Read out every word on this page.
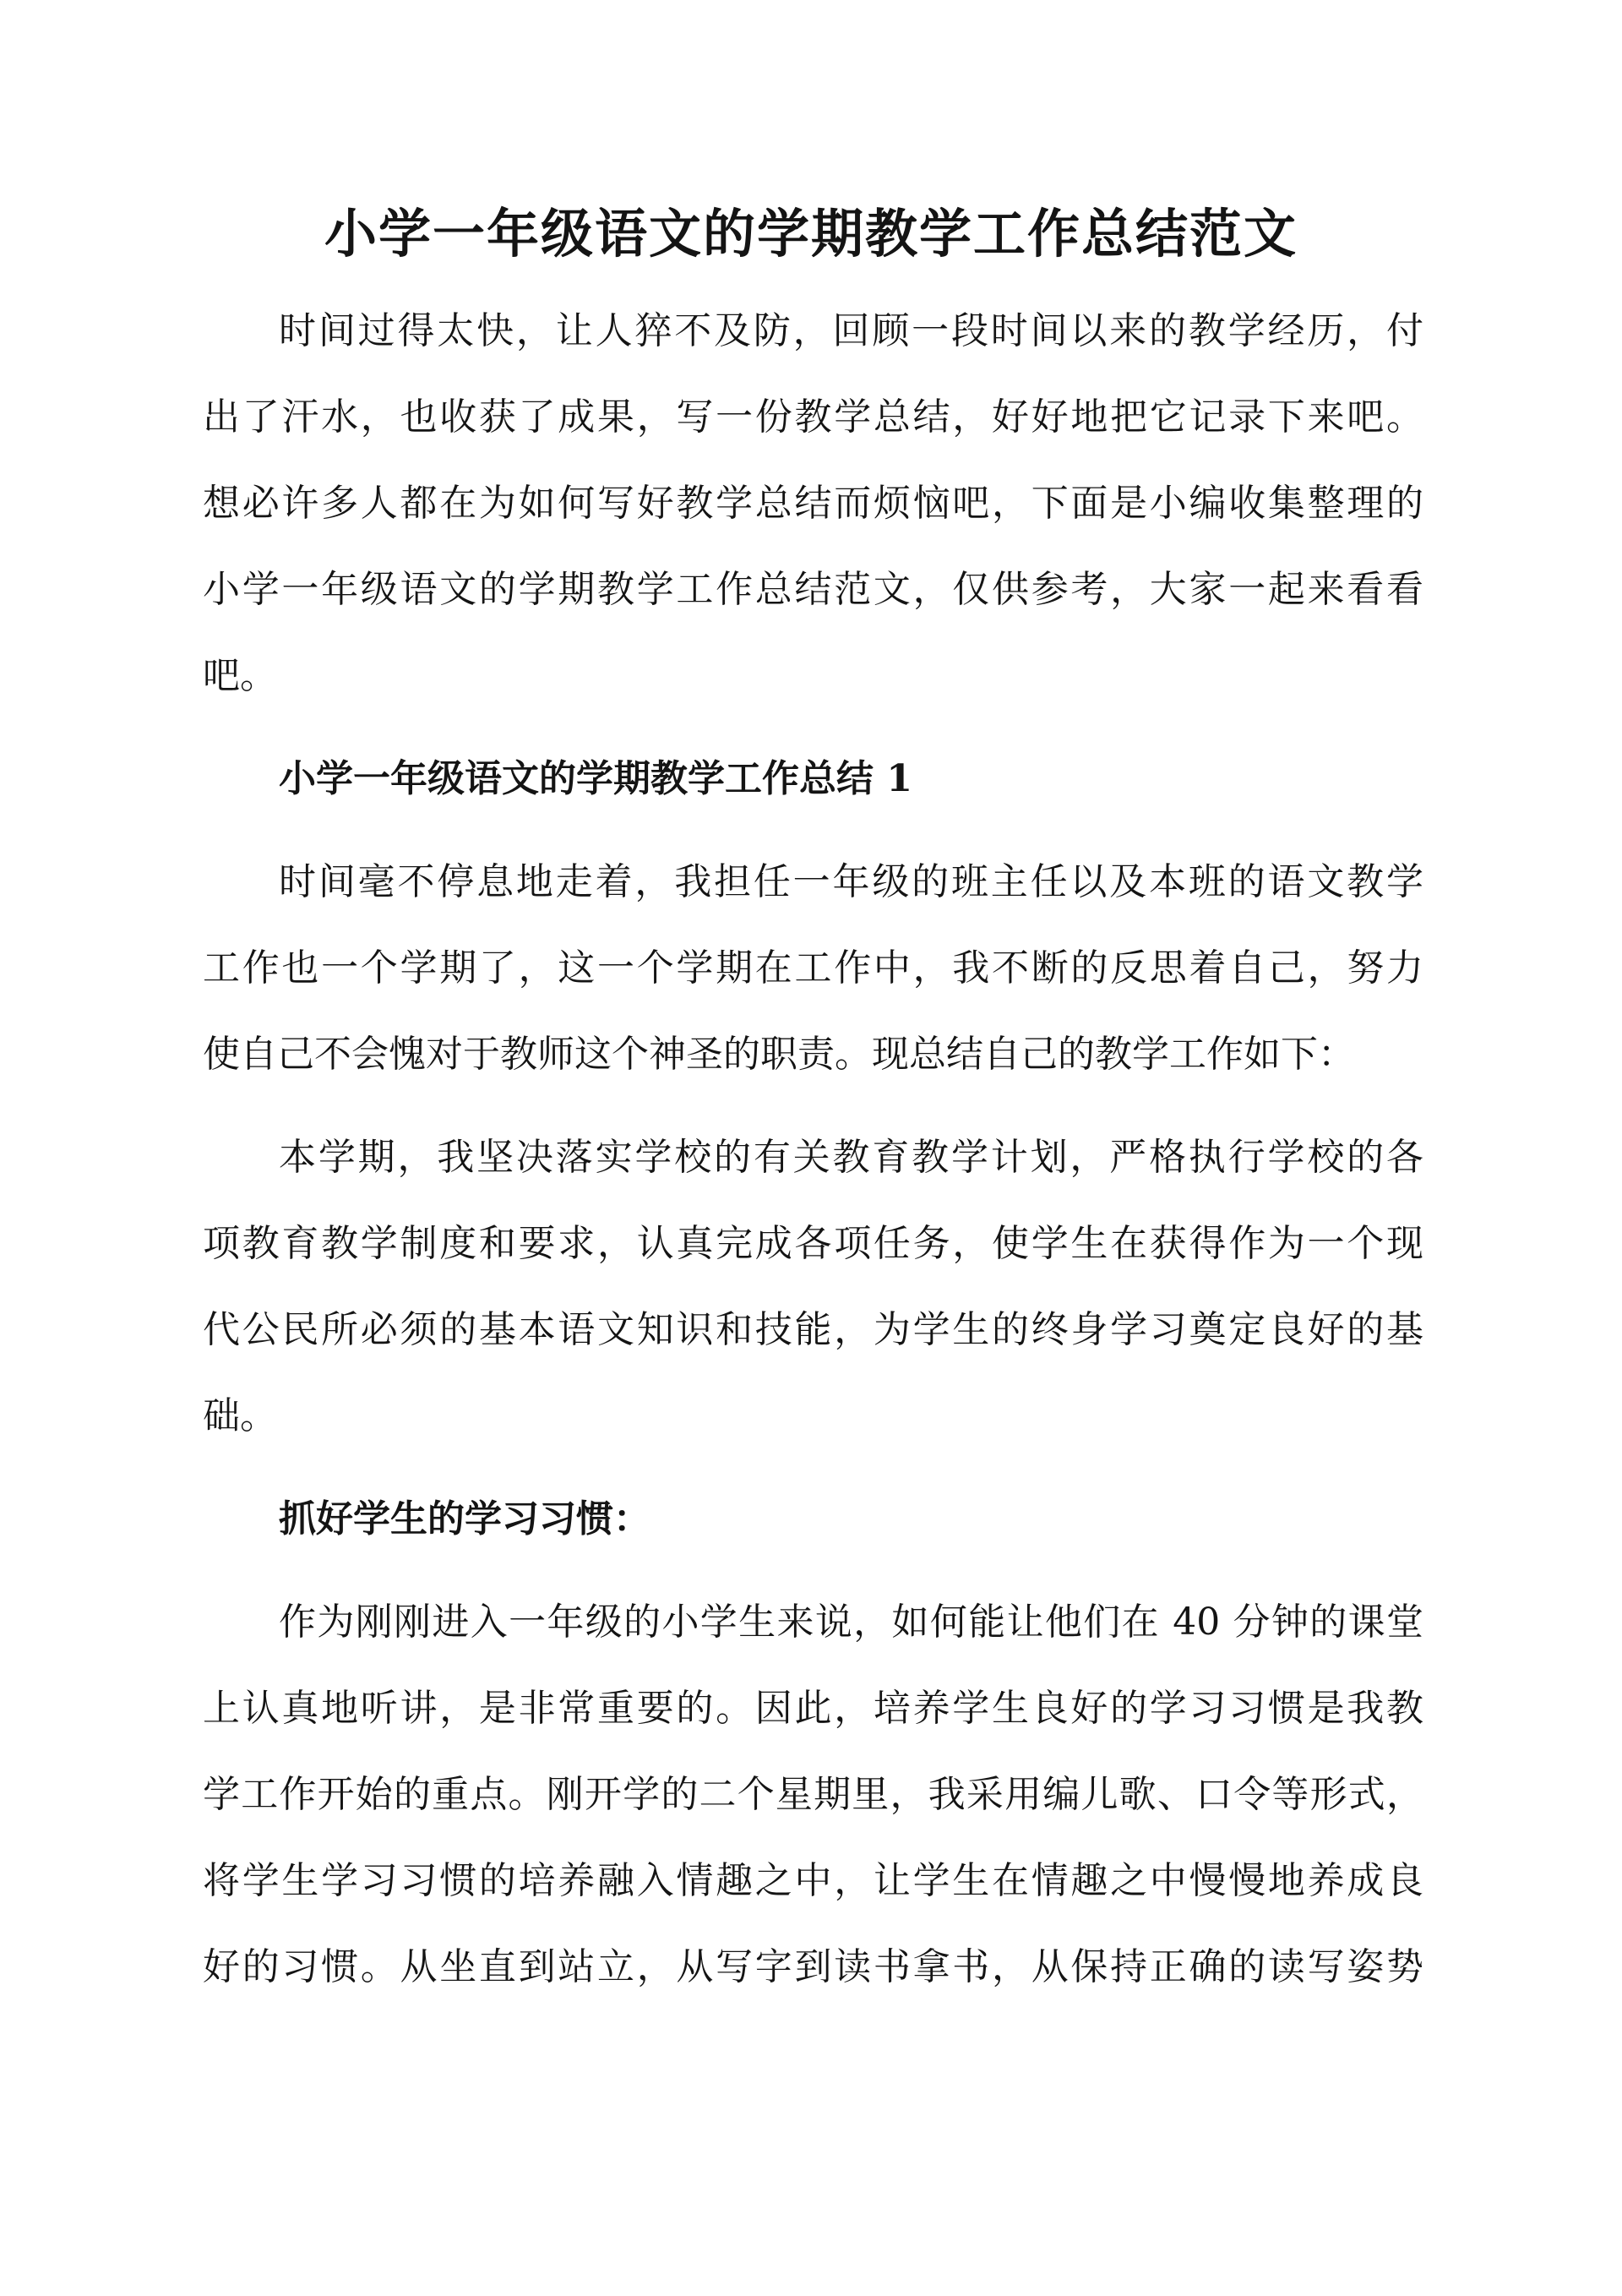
小学一年级语文的学期教学工作总结范文

时间过得太快，让人猝不及防，回顾一段时间以来的教学经历，付

出了汗水，也收获了成果，写一份教学总结，好好地把它记录下来吧。

想必许多人都在为如何写好教学总结而烦恼吧，下面是小编收集整理的

小学一年级语文的学期教学工作总结范文，仅供参考，大家一起来看看

吧。

小学一年级语文的学期教学工作总结 1

时间毫不停息地走着，我担任一年级的班主任以及本班的语文教学

工作也一个学期了，这一个学期在工作中，我不断的反思着自己，努力

使自己不会愧对于教师这个神圣的职责。现总结自己的教学工作如下：

本学期，我坚决落实学校的有关教育教学计划，严格执行学校的各

项教育教学制度和要求，认真完成各项任务，使学生在获得作为一个现

代公民所必须的基本语文知识和技能，为学生的终身学习奠定良好的基

础。

抓好学生的学习习惯：

作为刚刚进入一年级的小学生来说，如何能让他们在 40 分钟的课堂

上认真地听讲，是非常重要的。因此，培养学生良好的学习习惯是我教

学工作开始的重点。刚开学的二个星期里，我采用编儿歌、口令等形式，

将学生学习习惯的培养融入情趣之中，让学生在情趣之中慢慢地养成良

好的习惯。从坐直到站立，从写字到读书拿书，从保持正确的读写姿势
